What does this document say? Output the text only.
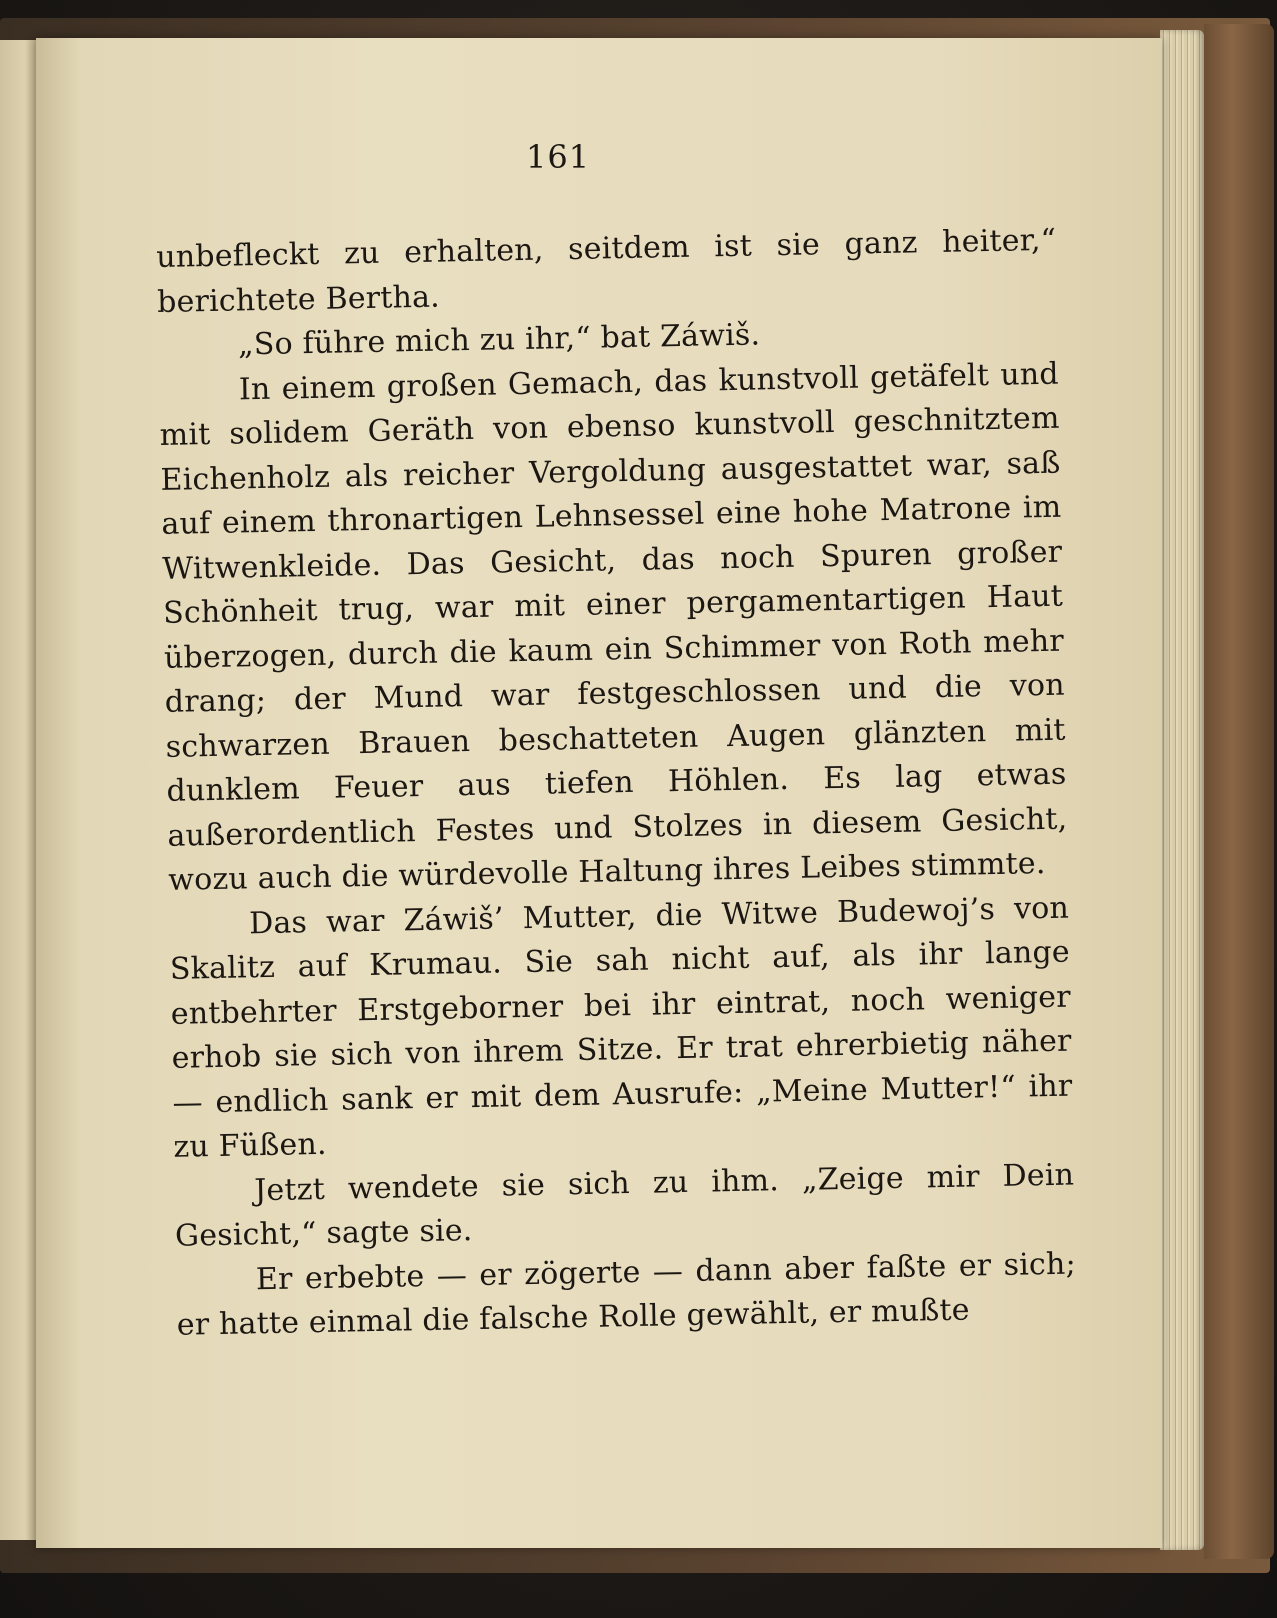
161

unbefleckt zu erhalten, seitdem ist sie ganz heiter,“ berichtete Bertha.

„So führe mich zu ihr,“ bat Záwiš.

In einem großen Gemach, das kunstvoll getäfelt und mit solidem Geräth von ebenso kunstvoll geschnitztem Eichenholz als reicher Vergoldung ausgestattet war, saß auf einem thronartigen Lehnsessel eine hohe Matrone im Witwenkleide. Das Gesicht, das noch Spuren großer Schönheit trug, war mit einer pergamentartigen Haut überzogen, durch die kaum ein Schimmer von Roth mehr drang; der Mund war festgeschlossen und die von schwarzen Brauen beschatteten Augen glänzten mit dunklem Feuer aus tiefen Höhlen. Es lag etwas außerordentlich Festes und Stolzes in diesem Gesicht, wozu auch die würdevolle Haltung ihres Leibes stimmte.

Das war Záwiš’ Mutter, die Witwe Budewoj’s von Skalitz auf Krumau. Sie sah nicht auf, als ihr lange entbehrter Erstgeborner bei ihr eintrat, noch weniger erhob sie sich von ihrem Sitze. Er trat ehrerbietig näher — endlich sank er mit dem Ausrufe: „Meine Mutter!“ ihr zu Füßen.

Jetzt wendete sie sich zu ihm. „Zeige mir Dein Gesicht,“ sagte sie.

Er erbebte — er zögerte — dann aber faßte er sich; er hatte einmal die falsche Rolle gewählt, er mußte
